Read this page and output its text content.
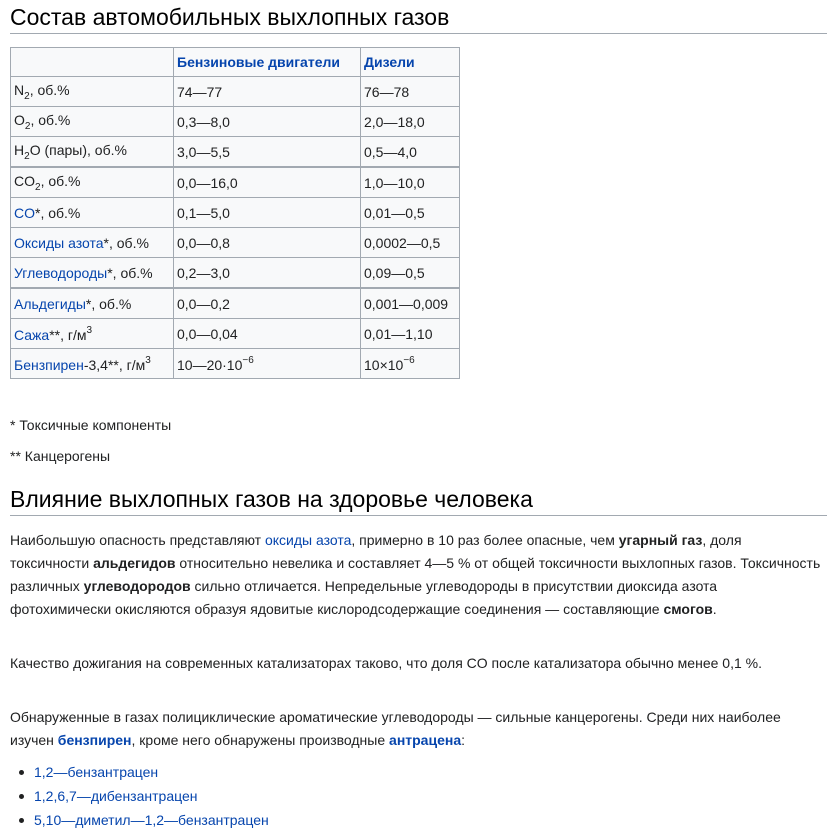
Состав автомобильных выхлопных газов
	Бензиновые двигатели	Дизели
$N_2$, об.%	74—77	76—78
$O_2$, об.%	0,3—8,0	2,0—18,0
$H_2O$ (пары), об.%	3,0—5,5	0,5—4,0
$CO_2$, об.%	0,0—16,0	1,0—10,0
CO*, об.%	0,1—5,0	0,01—0,5
Оксиды азота*, об.%	0,0—0,8	0,0002—0,5
Углеводороды*, об.%	0,2—3,0	0,09—0,5
Альдегиды*, об.%	0,0—0,2	0,001—0,009
Сажа**, $г/м^3$	0,0—0,04	0,01—1,10
Бензпирен-3,4**, $г/м^3$	$10—20\cdot 10^{-6}$	$10\times 10^{-6}$
* Токсичные компоненты
** Канцерогены
Влияние выхлопных газов на здоровье человека

Наибольшую опасность представляют оксиды азота, примерно в 10 раз более опасные, чем угарный газ, доля токсичности альдегидов относительно невелика и составляет 4—5 % от общей токсичности выхлопных газов. Токсичность различных углеводородов сильно отличается. Непредельные углеводороды в присутствии диоксида азота фотохимически окисляются образуя ядовитые кислородсодержащие соединения — составляющие смогов.

Качество дожигания на современных катализаторах таково, что доля CO после катализатора обычно менее 0,1 %.

Обнаруженные в газах полициклические ароматические углеводороды — сильные канцерогены. Среди них наиболее изучен бензпирен, кроме него обнаружены производные антрацена:

1,2—бензантрацен
1,2,6,7—дибензантрацен
5,10—диметил—1,2—бензантрацен
